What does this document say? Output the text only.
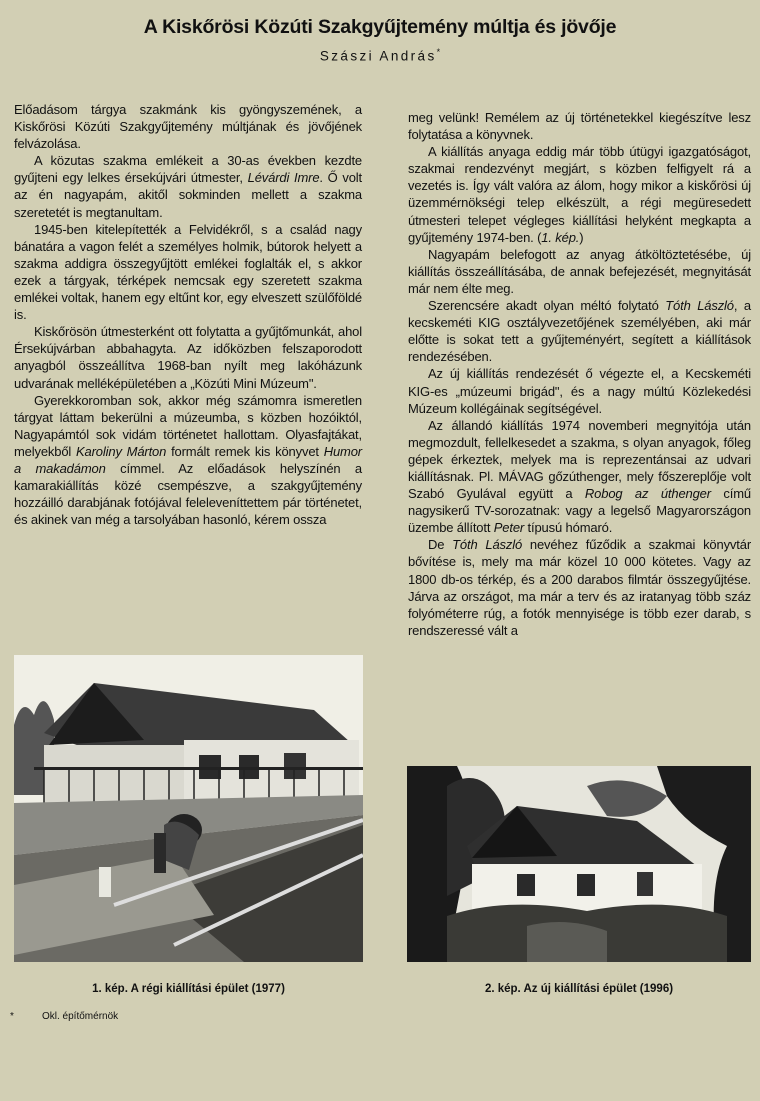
A Kiskőrösi Közúti Szakgyűjtemény múltja és jövője
Szászi András*

Előadásom tárgya szakmánk kis gyöngyszemének, a Kiskőrösi Közúti Szakgyűjtemény múltjának és jövőjének felvázolása.

A közutas szakma emlékeit a 30-as években kezdte gyűjteni egy lelkes érsekújvári útmester, Lévárdi Imre. Ő volt az én nagyapám, akitől sokminden mellett a szakma szeretetét is megtanultam.

1945-ben kitelepítették a Felvidékről, s a család nagy bánatára a vagon felét a személyes holmik, bútorok helyett a szakma addigra összegyűjtött emlékei foglalták el, s akkor ezek a tárgyak, térképek nemcsak egy szeretett szakma emlékei voltak, hanem egy eltűnt kor, egy elveszett szülőföldé is.

Kiskőrösön útmesterként ott folytatta a gyűjtőmunkát, ahol Érsekújvárban abbahagyta. Az időközben felszaporodott anyagból összeállítva 1968-ban nyílt meg lakóházunk udvarának melléképületében a „Közúti Mini Múzeum".

Gyerekkoromban sok, akkor még számomra ismeretlen tárgyat láttam bekerülni a múzeumba, s közben hozóiktól, Nagyapámtól sok vidám történetet hallottam. Olyasfajtákat, melyekből Karoliny Márton formált remek kis könyvet Humor a makadámon címmel. Az előadások helyszínén a kamarakiállítás közé csempészve, a szakgyűjtemény hozzáilló darabjának fotójával feleleveníttettem pár történetet, és akinek van még a tarsolyában hasonló, kérem ossza

meg velünk! Remélem az új történetekkel kiegészítve lesz folytatása a könyvnek.

A kiállítás anyaga eddig már több útügyi igazgatóságot, szakmai rendezvényt megjárt, s közben felfigyelt rá a vezetés is. Így vált valóra az álom, hogy mikor a kiskőrösi új üzemmérnökségi telep elkészült, a régi megüresedett útmesteri telepet végleges kiállítási helyként megkapta a gyűjtemény 1974-ben. (1. kép.)

Nagyapám belefogott az anyag átköltöztetésébe, új kiállítás összeállításába, de annak befejezését, megnyitását már nem élte meg.

Szerencsére akadt olyan méltó folytató Tóth László, a kecskeméti KIG osztályvezetőjének személyében, aki már előtte is sokat tett a gyűjteményért, segített a kiállítások rendezésében.

Az új kiállítás rendezését ő végezte el, a Kecskeméti KIG-es „múzeumi brigád", és a nagy múltú Közlekedési Múzeum kollégáinak segítségével.

Az állandó kiállítás 1974 novemberi megnyitója után megmozdult, fellelkesedet a szakma, s olyan anyagok, főleg gépek érkeztek, melyek ma is reprezentánsai az udvari kiállításnak. Pl. MÁVAG gőzúthenger, mely főszereplője volt Szabó Gyulával együtt a Robog az úthenger című nagysikerű TV-sorozatnak: vagy a legelső Magyarországon üzembe állított Peter típusú hómaró.

De Tóth László nevéhez fűződik a szakmai könyvtár bővítése is, mely ma már közel 10 000 kötetes. Vagy az 1800 db-os térkép, és a 200 darabos filmtár összegyűjtése. Járva az országot, ma már a terv és az iratanyag több száz folyóméterre rúg, a fotók mennyisége is több ezer darab, s rendszeressé vált a

1. kép. A régi kiállítási épület (1977)	2. kép. Az új kiállítási épület (1996)
*	Okl. építőmérnök
